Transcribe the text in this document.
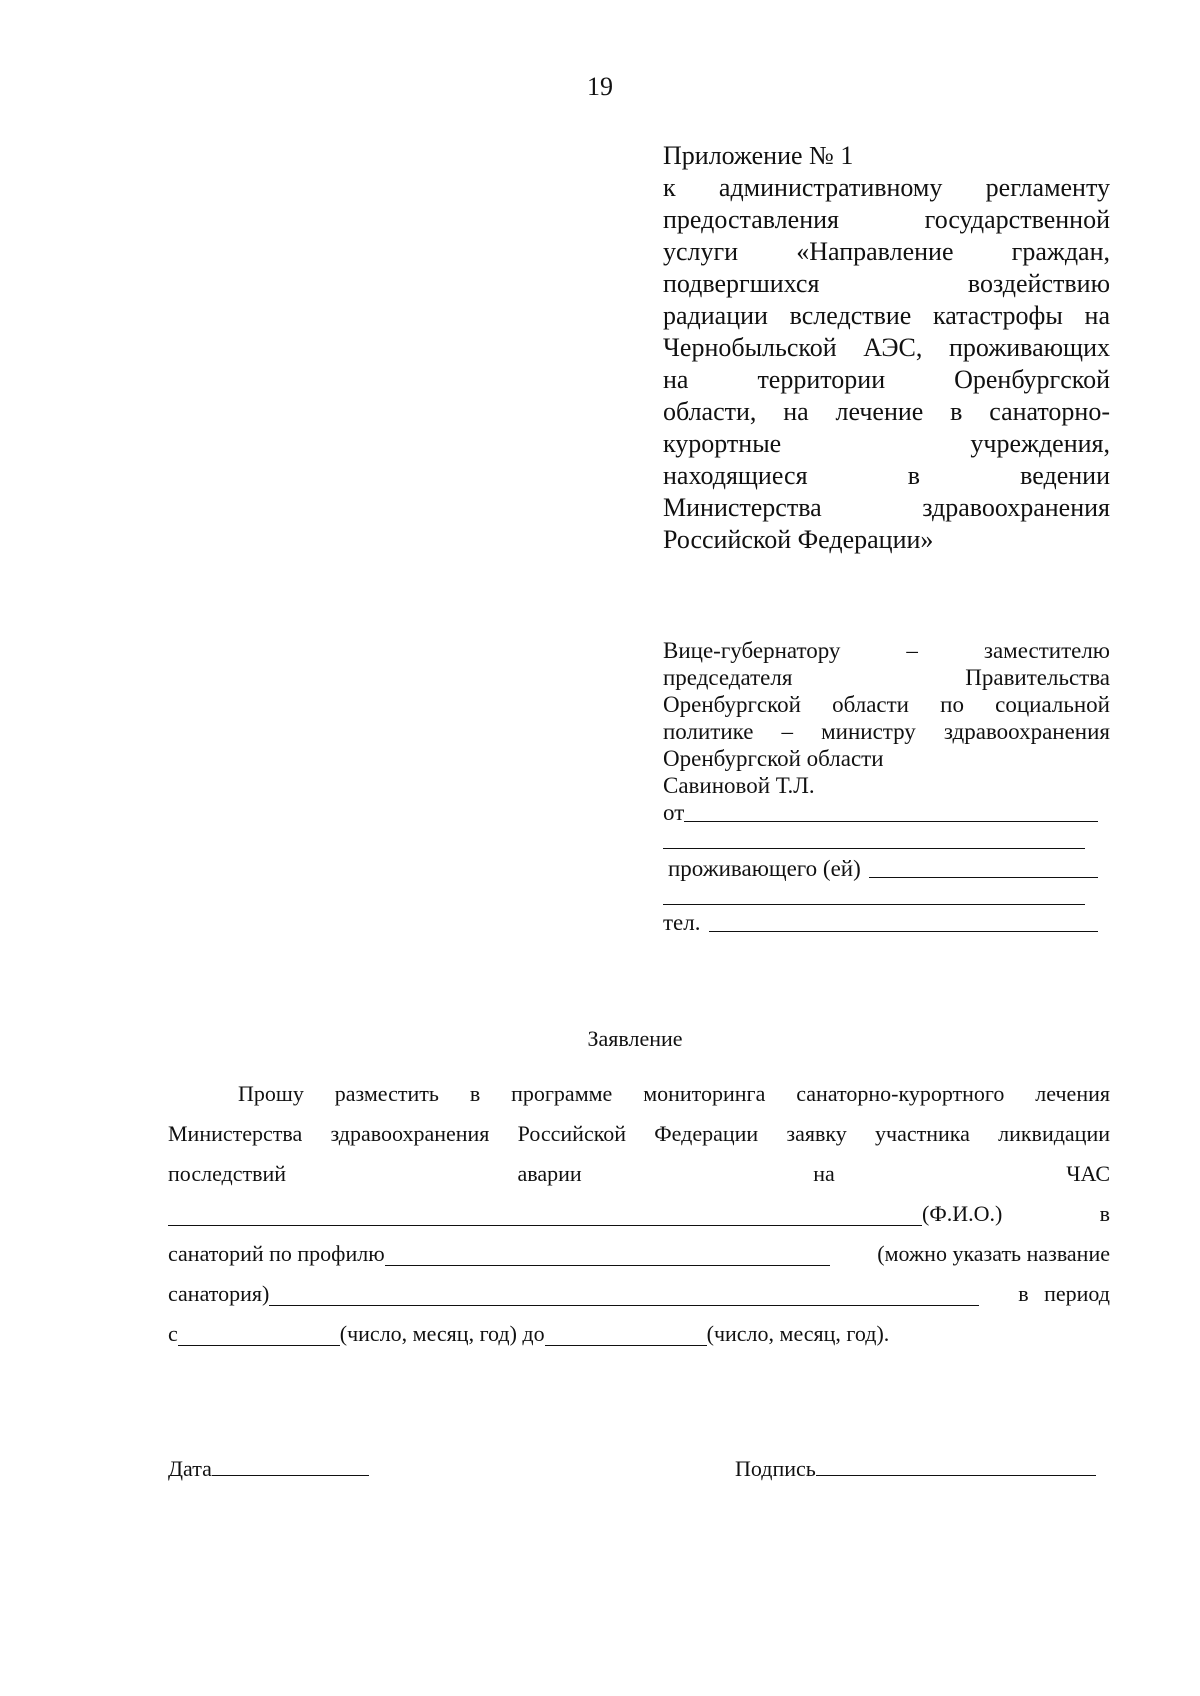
19
Приложение № 1
к административному регламенту
предоставления государственной
услуги «Направление граждан,
подвергшихся воздействию
радиации вследствие катастрофы на
Чернобыльской АЭС, проживающих
на территории Оренбургской
области, на лечение в санаторно-
курортные учреждения,
находящиеся в ведении
Министерства здравоохранения
Российской Федерации»
Вице-губернатору – заместителю
председателя Правительства
Оренбургской области по социальной
политике – министру здравоохранения
Оренбургской области
Савиновой Т.Л.
от
проживающего (ей)
тел.
Заявление
Прошу разместить в программе мониторинга санаторно-курортного лечения
Министерства здравоохранения Российской Федерации заявку участника ликвидации
последствий	аварии	на	ЧАС
(Ф.И.О.)	в
санаторий по профилю	(можно указать название
санатория)	в период
с	(число, месяц, год) до	(число, месяц, год).
Дата	Подпись
